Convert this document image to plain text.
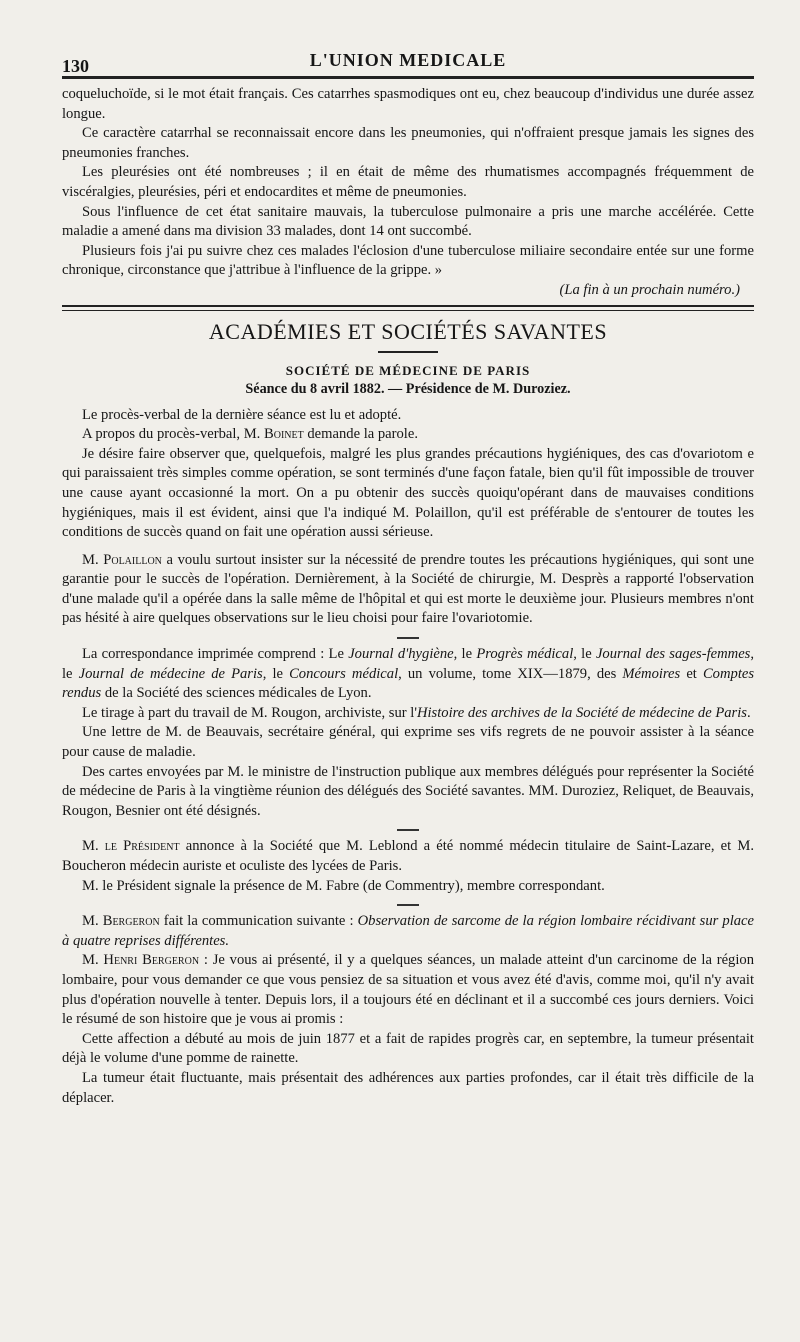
130	L'UNION MEDICALE

coqueluchoïde, si le mot était français. Ces catarrhes spasmodiques ont eu, chez beaucoup d'individus une durée assez longue.

Ce caractère catarrhal se reconnaissait encore dans les pneumonies, qui n'offraient presque jamais les signes des pneumonies franches.

Les pleurésies ont été nombreuses ; il en était de même des rhumatismes accompagnés fréquemment de viscéralgies, pleurésies, péri et endocardites et même de pneumonies.

Sous l'influence de cet état sanitaire mauvais, la tuberculose pulmonaire a pris une marche accélérée. Cette maladie a amené dans ma division 33 malades, dont 14 ont succombé.

Plusieurs fois j'ai pu suivre chez ces malades l'éclosion d'une tuberculose miliaire secondaire entée sur une forme chronique, circonstance que j'attribue à l'influence de la grippe. »

(La fin à un prochain numéro.)

ACADÉMIES ET SOCIÉTÉS SAVANTES
SOCIÉTÉ DE MÉDECINE DE PARIS
Séance du 8 avril 1882. — Présidence de M. Duroziez.

Le procès-verbal de la dernière séance est lu et adopté.

A propos du procès-verbal, M. Boinet demande la parole.

Je désire faire observer que, quelquefois, malgré les plus grandes précautions hygiéniques, des cas d'ovariotom e qui paraissaient très simples comme opération, se sont terminés d'une façon fatale, bien qu'il fût impossible de trouver une cause ayant occasionné la mort. On a pu obtenir des succès quoiqu'opérant dans de mauvaises conditions hygiéniques, mais il est évident, ainsi que l'a indiqué M. Polaillon, qu'il est préférable de s'entourer de toutes les conditions de succès quand on fait une opération aussi sérieuse.

M. Polaillon a voulu surtout insister sur la nécessité de prendre toutes les précautions hygiéniques, qui sont une garantie pour le succès de l'opération. Dernièrement, à la Société de chirurgie, M. Desprès a rapporté l'observation d'une malade qu'il a opérée dans la salle même de l'hôpital et qui est morte le deuxième jour. Plusieurs membres n'ont pas hésité à aire quelques observations sur le lieu choisi pour faire l'ovariotomie.

La correspondance imprimée comprend : Le Journal d'hygiène, le Progrès médical, le Journal des sages-femmes, le Journal de médecine de Paris, le Concours médical, un volume, tome XIX—1879, des Mémoires et Comptes rendus de la Société des sciences médicales de Lyon.

Le tirage à part du travail de M. Rougon, archiviste, sur l'Histoire des archives de la Société de médecine de Paris.

Une lettre de M. de Beauvais, secrétaire général, qui exprime ses vifs regrets de ne pouvoir assister à la séance pour cause de maladie.

Des cartes envoyées par M. le ministre de l'instruction publique aux membres délégués pour représenter la Société de médecine de Paris à la vingtième réunion des délégués des Société savantes. MM. Duroziez, Reliquet, de Beauvais, Rougon, Besnier ont été désignés.

M. le Président annonce à la Société que M. Leblond a été nommé médecin titulaire de Saint-Lazare, et M. Boucheron médecin auriste et oculiste des lycées de Paris.

M. le Président signale la présence de M. Fabre (de Commentry), membre correspondant.

M. Bergeron fait la communication suivante : Observation de sarcome de la région lombaire récidivant sur place à quatre reprises différentes.

M. Henri Bergeron : Je vous ai présenté, il y a quelques séances, un malade atteint d'un carcinome de la région lombaire, pour vous demander ce que vous pensiez de sa situation et vous avez été d'avis, comme moi, qu'il n'y avait plus d'opération nouvelle à tenter. Depuis lors, il a toujours été en déclinant et il a succombé ces jours derniers. Voici le résumé de son histoire que je vous ai promis :

Cette affection a débuté au mois de juin 1877 et a fait de rapides progrès car, en septembre, la tumeur présentait déjà le volume d'une pomme de rainette.

La tumeur était fluctuante, mais présentait des adhérences aux parties profondes, car il était très difficile de la déplacer.
